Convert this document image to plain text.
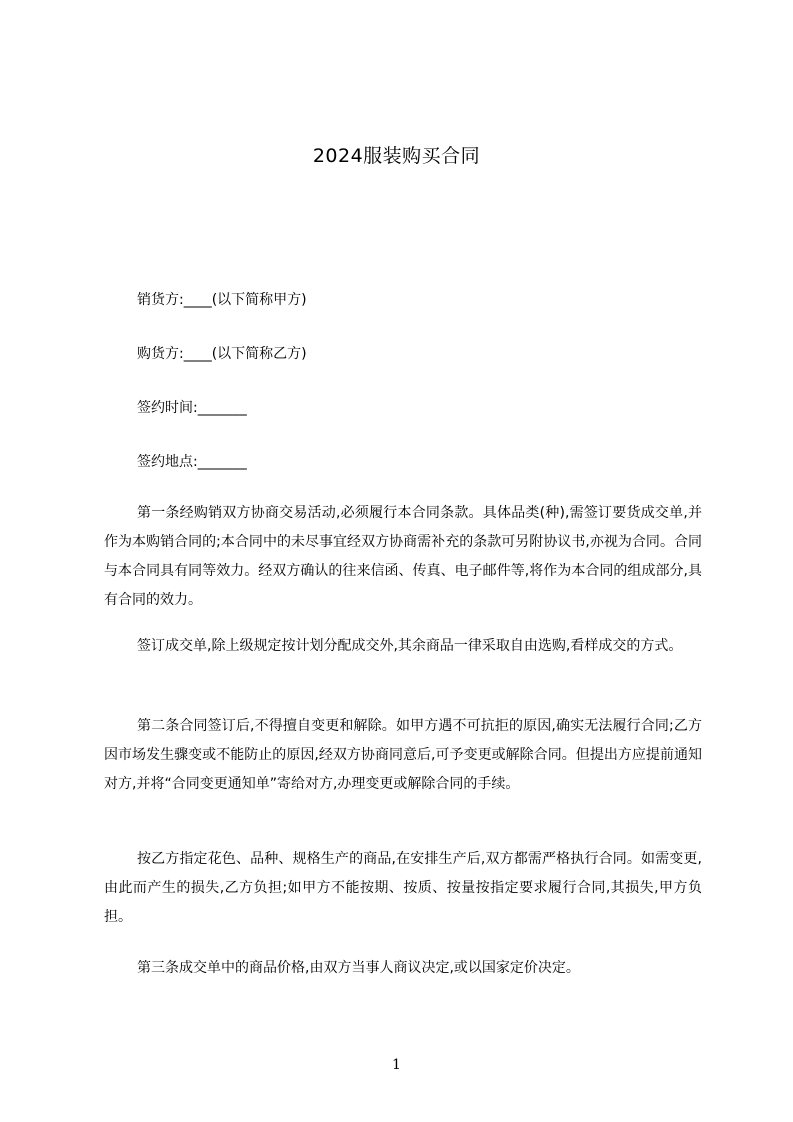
2024服装购买合同
销货方:____(以下简称甲方)
购货方:____(以下简称乙方)
签约时间:_______
签约地点:_______
第一条经购销双方协商交易活动,必须履行本合同条款。具体品类(种),需签订要货成交单,并作为本购销合同的;本合同中的未尽事宜经双方协商需补充的条款可另附协议书,亦视为合同。合同与本合同具有同等效力。经双方确认的往来信函、传真、电子邮件等,将作为本合同的组成部分,具有合同的效力。
签订成交单,除上级规定按计划分配成交外,其余商品一律采取自由选购,看样成交的方式。
第二条合同签订后,不得擅自变更和解除。如甲方遇不可抗拒的原因,确实无法履行合同;乙方因市场发生骤变或不能防止的原因,经双方协商同意后,可予变更或解除合同。但提出方应提前通知对方,并将“合同变更通知单”寄给对方,办理变更或解除合同的手续。
按乙方指定花色、品种、规格生产的商品,在安排生产后,双方都需严格执行合同。如需变更,由此而产生的损失,乙方负担;如甲方不能按期、按质、按量按指定要求履行合同,其损失,甲方负担。
第三条成交单中的商品价格,由双方当事人商议决定,或以国家定价决定。
1
